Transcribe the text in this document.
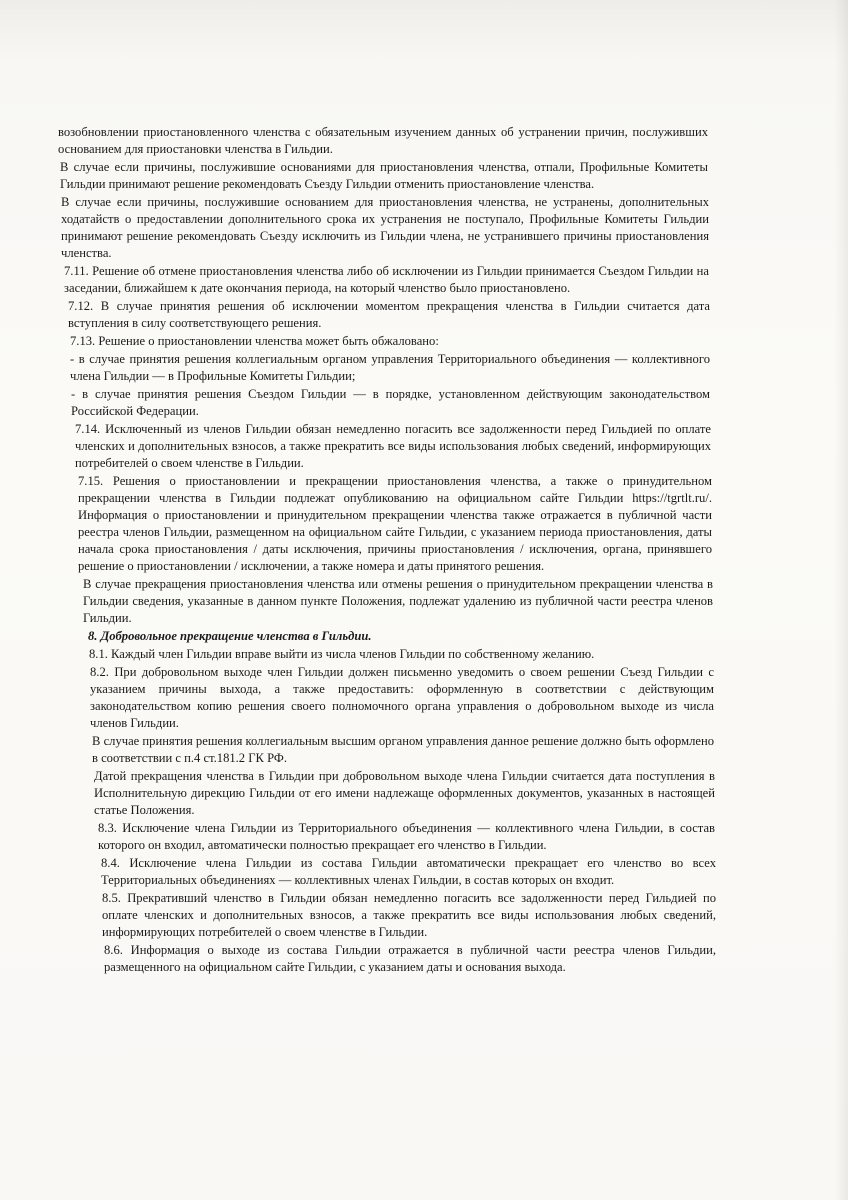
возобновлении приостановленного членства с обязательным изучением данных об устранении причин, послуживших основанием для приостановки членства в Гильдии.

В случае если причины, послужившие основаниями для приостановления членства, отпали, Профильные Комитеты Гильдии принимают решение рекомендовать Съезду Гильдии отменить приостановление членства.

В случае если причины, послужившие основанием для приостановления членства, не устранены, дополнительных ходатайств о предоставлении дополнительного срока их устранения не поступало, Профильные Комитеты Гильдии принимают решение рекомендовать Съезду исключить из Гильдии члена, не устранившего причины приостановления членства.

7.11. Решение об отмене приостановления членства либо об исключении из Гильдии принимается Съездом Гильдии на заседании, ближайшем к дате окончания периода, на который членство было приостановлено.

7.12. В случае принятия решения об исключении моментом прекращения членства в Гильдии считается дата вступления в силу соответствующего решения.

7.13. Решение о приостановлении членства может быть обжаловано:

- в случае принятия решения коллегиальным органом управления Территориального объединения — коллективного члена Гильдии — в Профильные Комитеты Гильдии;

- в случае принятия решения Съездом Гильдии — в порядке, установленном действующим законодательством Российской Федерации.

7.14. Исключенный из членов Гильдии обязан немедленно погасить все задолженности перед Гильдией по оплате членских и дополнительных взносов, а также прекратить все виды использования любых сведений, информирующих потребителей о своем членстве в Гильдии.

7.15. Решения о приостановлении и прекращении приостановления членства, а также о принудительном прекращении членства в Гильдии подлежат опубликованию на официальном сайте Гильдии https://tgrtlt.ru/. Информация о приостановлении и принудительном прекращении членства также отражается в публичной части реестра членов Гильдии, размещенном на официальном сайте Гильдии, с указанием периода приостановления, даты начала срока приостановления / даты исключения, причины приостановления / исключения, органа, принявшего решение о приостановлении / исключении, а также номера и даты принятого решения.

В случае прекращения приостановления членства или отмены решения о принудительном прекращении членства в Гильдии сведения, указанные в данном пункте Положения, подлежат удалению из публичной части реестра членов Гильдии.

8. Добровольное прекращение членства в Гильдии.

8.1. Каждый член Гильдии вправе выйти из числа членов Гильдии по собственному желанию.

8.2. При добровольном выходе член Гильдии должен письменно уведомить о своем решении Съезд Гильдии с указанием причины выхода, а также предоставить: оформленную в соответствии с действующим законодательством копию решения своего полномочного органа управления о добровольном выходе из числа членов Гильдии.

В случае принятия решения коллегиальным высшим органом управления данное решение должно быть оформлено в соответствии с п.4 ст.181.2 ГК РФ.

Датой прекращения членства в Гильдии при добровольном выходе члена Гильдии считается дата поступления в Исполнительную дирекцию Гильдии от его имени надлежаще оформленных документов, указанных в настоящей статье Положения.

8.3. Исключение члена Гильдии из Территориального объединения — коллективного члена Гильдии, в состав которого он входил, автоматически полностью прекращает его членство в Гильдии.

8.4. Исключение члена Гильдии из состава Гильдии автоматически прекращает его членство во всех Территориальных объединениях — коллективных членах Гильдии, в состав которых он входит.

8.5. Прекративший членство в Гильдии обязан немедленно погасить все задолженности перед Гильдией по оплате членских и дополнительных взносов, а также прекратить все виды использования любых сведений, информирующих потребителей о своем членстве в Гильдии.

8.6. Информация о выходе из состава Гильдии отражается в публичной части реестра членов Гильдии, размещенного на официальном сайте Гильдии, с указанием даты и основания выхода.
